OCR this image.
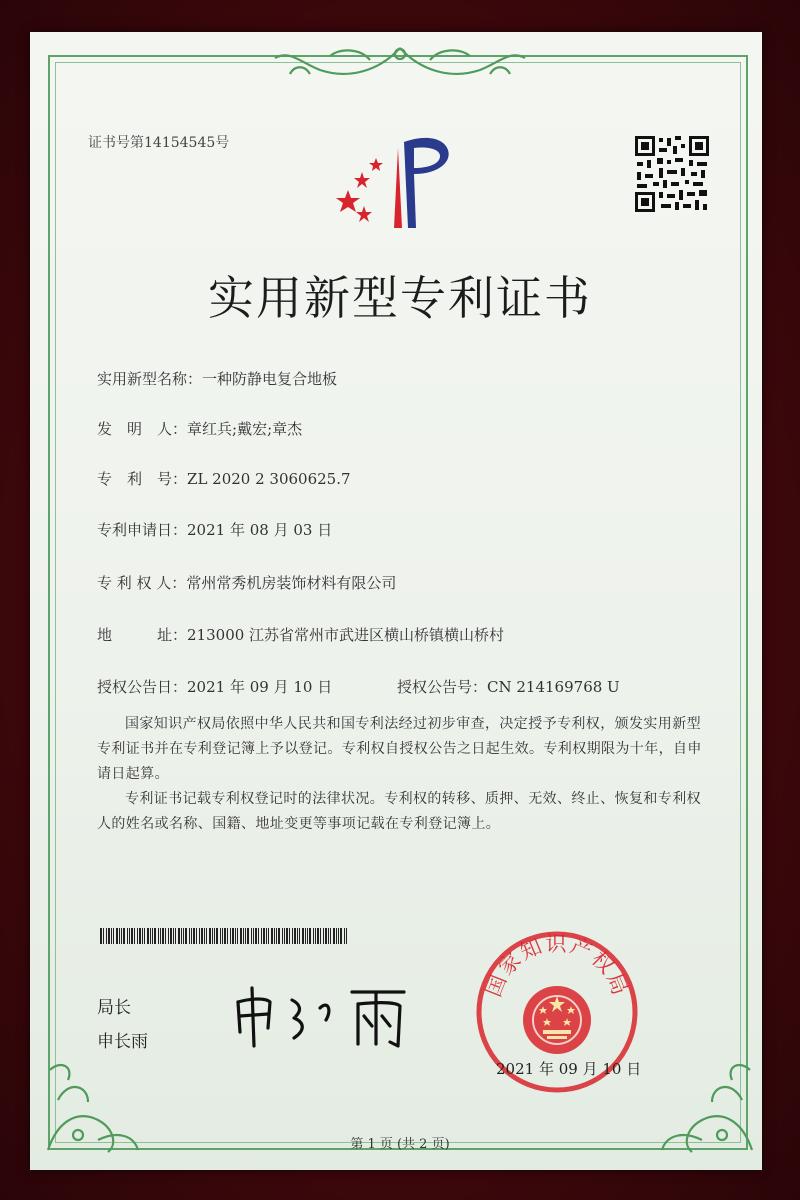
证书号第14154545号
实用新型专利证书
实用新型名称：一种防静电复合地板
发　明　人：章红兵;戴宏;章杰
专　利　号：ZL 2020 2 3060625.7
专利申请日：2021 年 08 月 03 日
专 利 权 人：常州常秀机房装饰材料有限公司
地　　　址：213000 江苏省常州市武进区横山桥镇横山桥村
授权公告日：2021 年 09 月 10 日	授权公告号：CN 214169768 U
国家知识产权局依照中华人民共和国专利法经过初步审查，决定授予专利权，颁发实用新型专利证书并在专利登记簿上予以登记。专利权自授权公告之日起生效。专利权期限为十年，自申请日起算。
专利证书记载专利权登记时的法律状况。专利权的转移、质押、无效、终止、恢复和专利权人的姓名或名称、国籍、地址变更等事项记载在专利登记簿上。
局长
申长雨
国家知识产权局
2021 年 09 月 10 日
第 1 页 (共 2 页)
